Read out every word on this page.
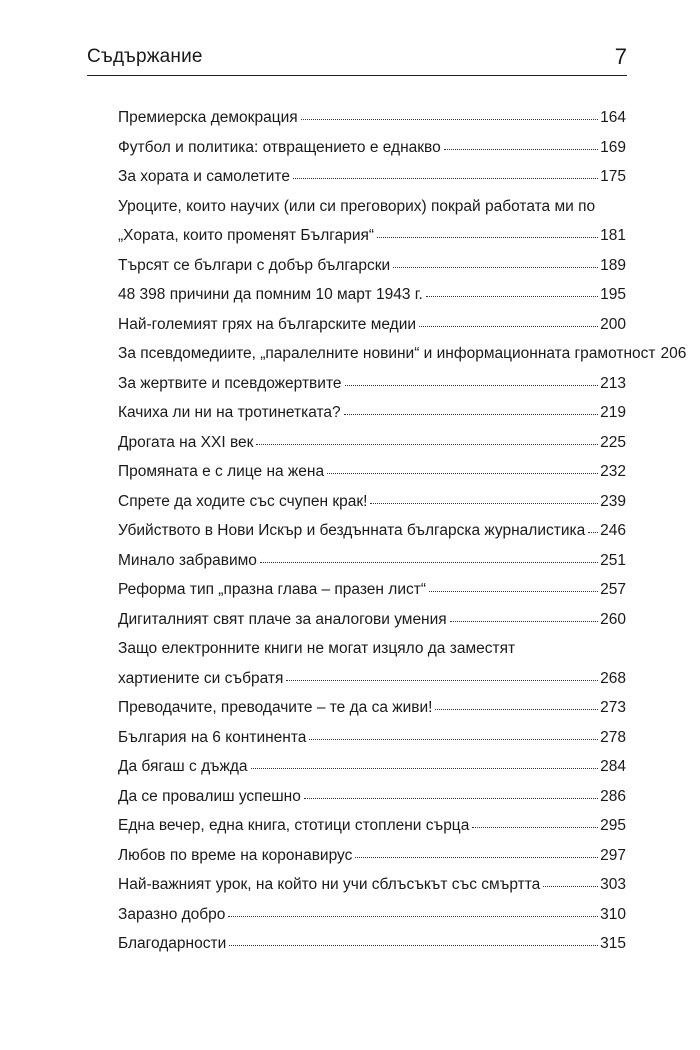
Съдържание	7
Премиерска демокрация	164
Футбол и политика: отвращението е еднакво	169
За хората и самолетите	175
Уроците, които научих (или си преговорих) покрай работата ми по
„Хората, които променят България“	181
Търсят се българи с добър български	189
48 398 причини да помним 10 март 1943 г.	195
Най-големият грях на българските медии	200
За псевдомедиите, „паралелните новини“ и информационната грамотност 206
За жертвите и псевдожертвите	213
Качиха ли ни на тротинетката?	219
Дрогата на XXI век	225
Промяната е с лице на жена	232
Спрете да ходите със счупен крак!	239
Убийството в Нови Искър и бездънната българска журналистика 246
Минало забравимо	251
Реформа тип „празна глава – празен лист“	257
Дигиталният свят плаче за аналогови умения	260
Защо електронните книги не могат изцяло да заместят
хартиените си събратя	268
Преводачите, преводачите – те да са живи!	273
България на 6 континента	278
Да бягаш с дъжда	284
Да се провалиш успешно	286
Една вечер, една книга, стотици стоплени сърца	295
Любов по време на коронавирус	297
Най-важният урок, на който ни учи сблъсъкът със смъртта	303
Заразно добро	310
Благодарности	315
